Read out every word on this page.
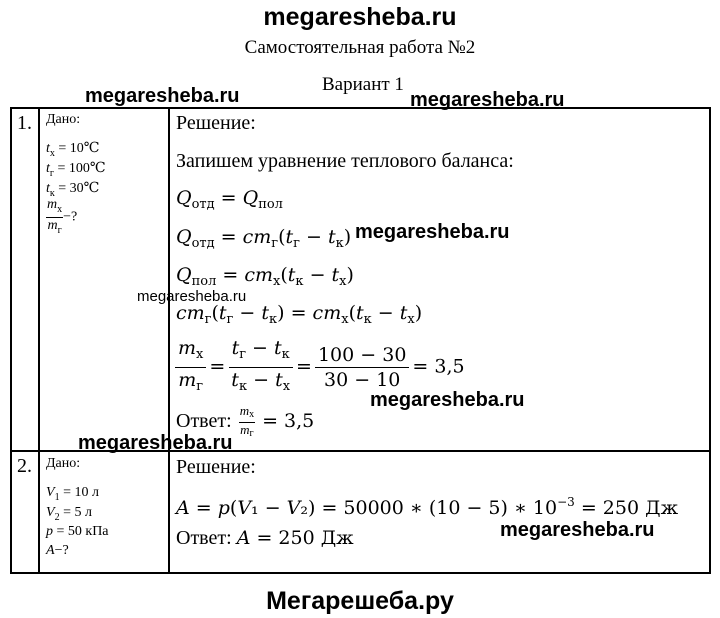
megaresheba.ru
Самостоятельная работа №2
Вариант 1
1. Дано:
$t_х$ = 10℃
$t_г$ = 100℃
$t_к$ = 30℃
$\frac{m_х}{m_г}$ −?
Решение:
Запишем уравнение теплового баланса:
$Q_{отд} = Q_{пол}$
$Q_{отд} = cm_г(t_г - t_к)$
$Q_{пол} = cm_х(t_к - t_х)$
$cm_г(t_г - t_к) = cm_х(t_к - t_х)$
$\frac{m_х}{m_г} = \frac{t_г - t_к}{t_к - t_х} = \frac{100 - 30}{30 - 10} = 3,5$
Ответ: $\frac{m_х}{m_г} = 3,5$
2. Дано:
$V_1 = 10$ л
$V_2 = 5$ л
p = 50 кПа
A−?
Решение:
A = 𝑝(𝑉₁ − 𝑉₂) = 50000 ∗ (10 − 5) ∗ $10^{-3} = 250$ Дж
Ответ: A = 250 Дж
megaresheba.ru	megaresheba.ru
megaresheba.ru
megaresheba.ru
megaresheba.ru
megaresheba.ru
megaresheba.ru
Мегарешеба.ру
